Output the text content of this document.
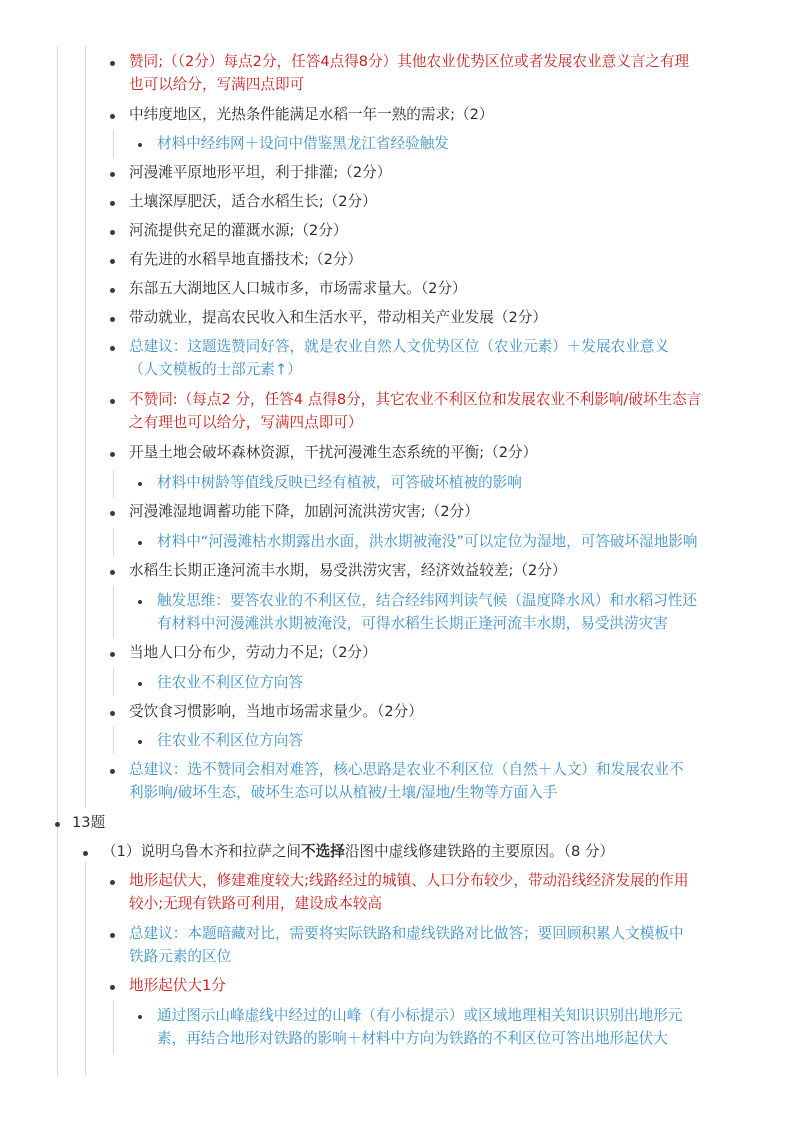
赞同;（（2分）每点2分，任答4点得8分）其他农业优势区位或者发展农业意义言之有理
也可以给分，写满四点即可
中纬度地区，光热条件能满足水稻一年一熟的需求;（2）
材料中经纬网＋设问中借鉴黑龙江省经验触发
河漫滩平原地形平坦，利于排灌;（2分）
土壤深厚肥沃，适合水稻生长;（2分）
河流提供充足的灌溉水源;（2分）
有先进的水稻旱地直播技术;（2分）
东部五大湖地区人口城市多，市场需求量大。（2分）
带动就业，提高农民收入和生活水平，带动相关产业发展（2分）
总建议：这题选赞同好答，就是农业自然人文优势区位（农业元素）＋发展农业意义
（人文模板的士部元素↑）
不赞同:（每点2 分，任答4 点得8分，其它农业不利区位和发展农业不利影响/破坏生态言
之有理也可以给分，写满四点即可）
开垦土地会破坏森林资源，干扰河漫滩生态系统的平衡;（2分）
材料中树龄等值线反映已经有植被，可答破坏植被的影响
河漫滩湿地调蓄功能下降，加剧河流洪涝灾害;（2分）
材料中“河漫滩枯水期露出水面，洪水期被淹没”可以定位为湿地，可答破坏湿地影响
水稻生长期正逢河流丰水期，易受洪涝灾害，经济效益较差;（2分）
触发思维：要答农业的不利区位，结合经纬网判读气候（温度降水风）和水稻习性还
有材料中河漫滩洪水期被淹没，可得水稻生长期正逢河流丰水期，易受洪涝灾害
当地人口分布少，劳动力不足;（2分）
往农业不利区位方向答
受饮食习惯影响，当地市场需求量少。（2分）
往农业不利区位方向答
总建议：选不赞同会相对难答，核心思路是农业不利区位（自然＋人文）和发展农业不
利影响/破坏生态，破坏生态可以从植被/土壤/湿地/生物等方面入手
13题
（1）说明乌鲁木齐和拉萨之间不选择沿图中虚线修建铁路的主要原因。（8 分）
地形起伏大，修建难度较大;线路经过的城镇、人口分布较少，带动沿线经济发展的作用
较小;无现有铁路可利用，建设成本较高
总建议：本题暗藏对比，需要将实际铁路和虚线铁路对比做答；要回顾积累人文模板中
铁路元素的区位
地形起伏大1分
通过图示山峰虚线中经过的山峰（有小标提示）或区域地理相关知识识别出地形元
素，再结合地形对铁路的影响＋材料中方向为铁路的不利区位可答出地形起伏大
